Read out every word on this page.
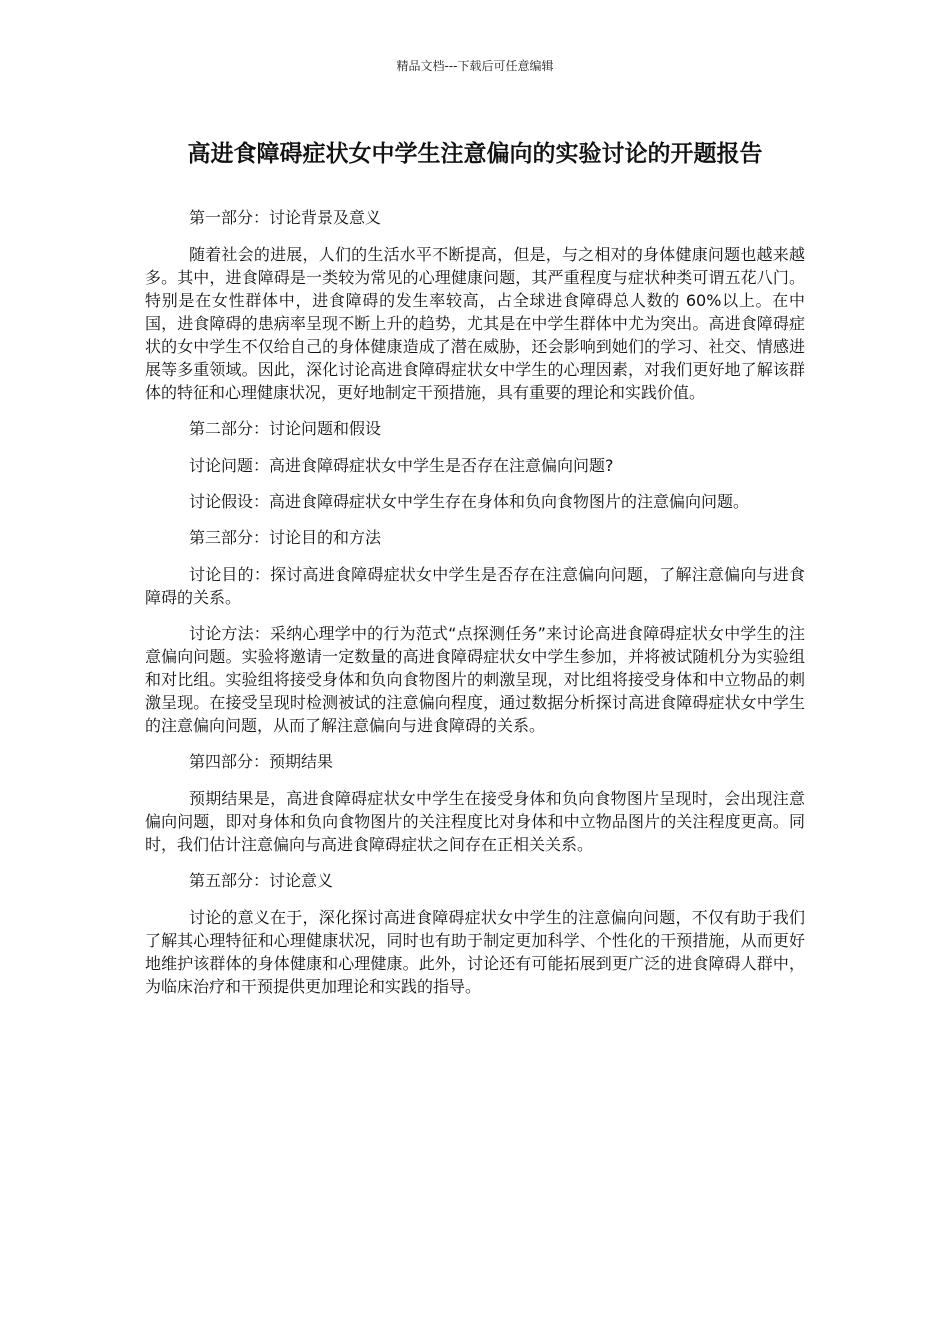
精品文档---下载后可任意编辑
高进食障碍症状女中学生注意偏向的实验讨论的开题报告

第一部分：讨论背景及意义

随着社会的进展，人们的生活水平不断提高，但是，与之相对的身体健康问题也越来越多。其中，进食障碍是一类较为常见的心理健康问题，其严重程度与症状种类可谓五花八门。特别是在女性群体中，进食障碍的发生率较高，占全球进食障碍总人数的 60%以上。在中国，进食障碍的患病率呈现不断上升的趋势，尤其是在中学生群体中尤为突出。高进食障碍症状的女中学生不仅给自己的身体健康造成了潜在威胁，还会影响到她们的学习、社交、情感进展等多重领域。因此，深化讨论高进食障碍症状女中学生的心理因素，对我们更好地了解该群体的特征和心理健康状况，更好地制定干预措施，具有重要的理论和实践价值。

第二部分：讨论问题和假设

讨论问题：高进食障碍症状女中学生是否存在注意偏向问题?

讨论假设：高进食障碍症状女中学生存在身体和负向食物图片的注意偏向问题。

第三部分：讨论目的和方法

讨论目的：探讨高进食障碍症状女中学生是否存在注意偏向问题，了解注意偏向与进食障碍的关系。

讨论方法：采纳心理学中的行为范式“点探测任务”来讨论高进食障碍症状女中学生的注意偏向问题。实验将邀请一定数量的高进食障碍症状女中学生参加，并将被试随机分为实验组和对比组。实验组将接受身体和负向食物图片的刺激呈现，对比组将接受身体和中立物品的刺激呈现。在接受呈现时检测被试的注意偏向程度，通过数据分析探讨高进食障碍症状女中学生的注意偏向问题，从而了解注意偏向与进食障碍的关系。

第四部分：预期结果

预期结果是，高进食障碍症状女中学生在接受身体和负向食物图片呈现时，会出现注意偏向问题，即对身体和负向食物图片的关注程度比对身体和中立物品图片的关注程度更高。同时，我们估计注意偏向与高进食障碍症状之间存在正相关关系。

第五部分：讨论意义

讨论的意义在于，深化探讨高进食障碍症状女中学生的注意偏向问题，不仅有助于我们了解其心理特征和心理健康状况，同时也有助于制定更加科学、个性化的干预措施，从而更好地维护该群体的身体健康和心理健康。此外，讨论还有可能拓展到更广泛的进食障碍人群中，为临床治疗和干预提供更加理论和实践的指导。
